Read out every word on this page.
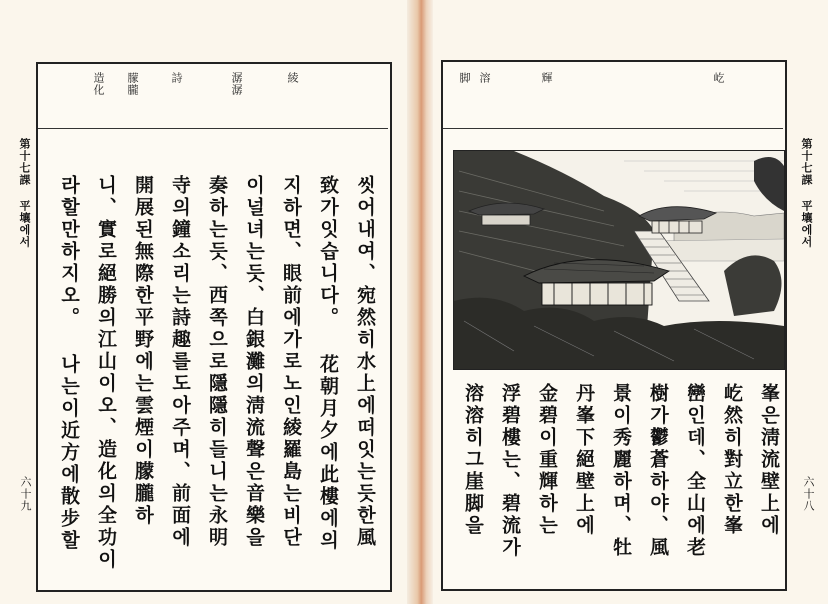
造化 朦朧	詩	潺潺	綾
씻어내여、宛然히水上에떠잇는듯한風
致가잇습니다。 花朝月夕에此樓에의
지하면、眼前에가로노인綾羅島는비단
이널녀는듯、白銀灘의淸流聲은音樂을
奏하는듯、西쪽으로隱隱히들니는永明
寺의鐘소리는詩趣를도아주며、前面에
開展된無際한平野에는雲煙이朦朧하
니、實로絕勝의江山이오、造化의全功이
라할만하지오。 나는이近方에散步할
第十七課 平壤에서
六十九
屹
輝
溶
脚
峯은淸流壁上에
屹然히對立한峯
巒인데、全山에老
樹가鬱蒼하야、風
景이秀麗하며、牡
丹峯下絕壁上에
金碧이重輝하는
浮碧樓는、碧流가
溶溶히그崖脚을
第十七課 平壤에서
六十八
